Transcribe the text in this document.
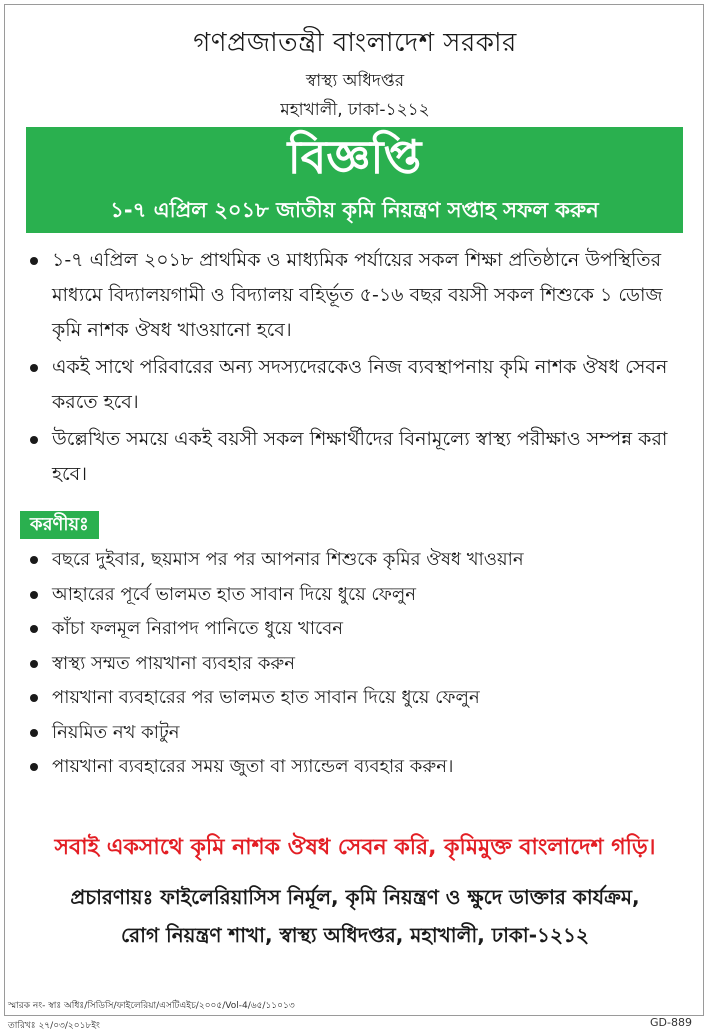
গণপ্রজাতন্ত্রী বাংলাদেশ সরকার
স্বাস্থ্য অধিদপ্তর
মহাখালী, ঢাকা-১২১২
বিজ্ঞপ্তি
১-৭ এপ্রিল ২০১৮ জাতীয় কৃমি নিয়ন্ত্রণ সপ্তাহ সফল করুন
১-৭ এপ্রিল ২০১৮ প্রাথমিক ও মাধ্যমিক পর্যায়ের সকল শিক্ষা প্রতিষ্ঠানে উপস্থিতির মাধ্যমে বিদ্যালয়গামী ও বিদ্যালয় বহির্ভূত ৫-১৬ বছর বয়সী সকল শিশুকে ১ ডোজ কৃমি নাশক ঔষধ খাওয়ানো হবে।
একই সাথে পরিবারের অন্য সদস্যদেরকেও নিজ ব্যবস্থাপনায় কৃমি নাশক ঔষধ সেবন করতে হবে।
উল্লেখিত সময়ে একই বয়সী সকল শিক্ষার্থীদের বিনামূল্যে স্বাস্থ্য পরীক্ষাও সম্পন্ন করা হবে।
করণীয়ঃ
বছরে দুইবার, ছয়মাস পর পর আপনার শিশুকে কৃমির ঔষধ খাওয়ান
আহারের পূর্বে ভালমত হাত সাবান দিয়ে ধুয়ে ফেলুন
কাঁচা ফলমূল নিরাপদ পানিতে ধুয়ে খাবেন
স্বাস্থ্য সম্মত পায়খানা ব্যবহার করুন
পায়খানা ব্যবহারের পর ভালমত হাত সাবান দিয়ে ধুয়ে ফেলুন
নিয়মিত নখ কাটুন
পায়খানা ব্যবহারের সময় জুতা বা স্যান্ডেল ব্যবহার করুন।
সবাই একসাথে কৃমি নাশক ঔষধ সেবন করি, কৃমিমুক্ত বাংলাদেশ গড়ি।
প্রচারণায়ঃ ফাইলেরিয়াসিস নির্মূল, কৃমি নিয়ন্ত্রণ ও ক্ষুদে ডাক্তার কার্যক্রম,
রোগ নিয়ন্ত্রণ শাখা, স্বাস্থ্য অধিদপ্তর, মহাখালী, ঢাকা-১২১২
স্মারক নং- স্বাঃ অধিঃ/সিডিসি/ফাইলেরিয়া/এসটিএইচ/২০০৫/Vol-4/৬৫/১১০১৩
তারিখঃ ২৭/০৩/২০১৮ইং	GD-889
